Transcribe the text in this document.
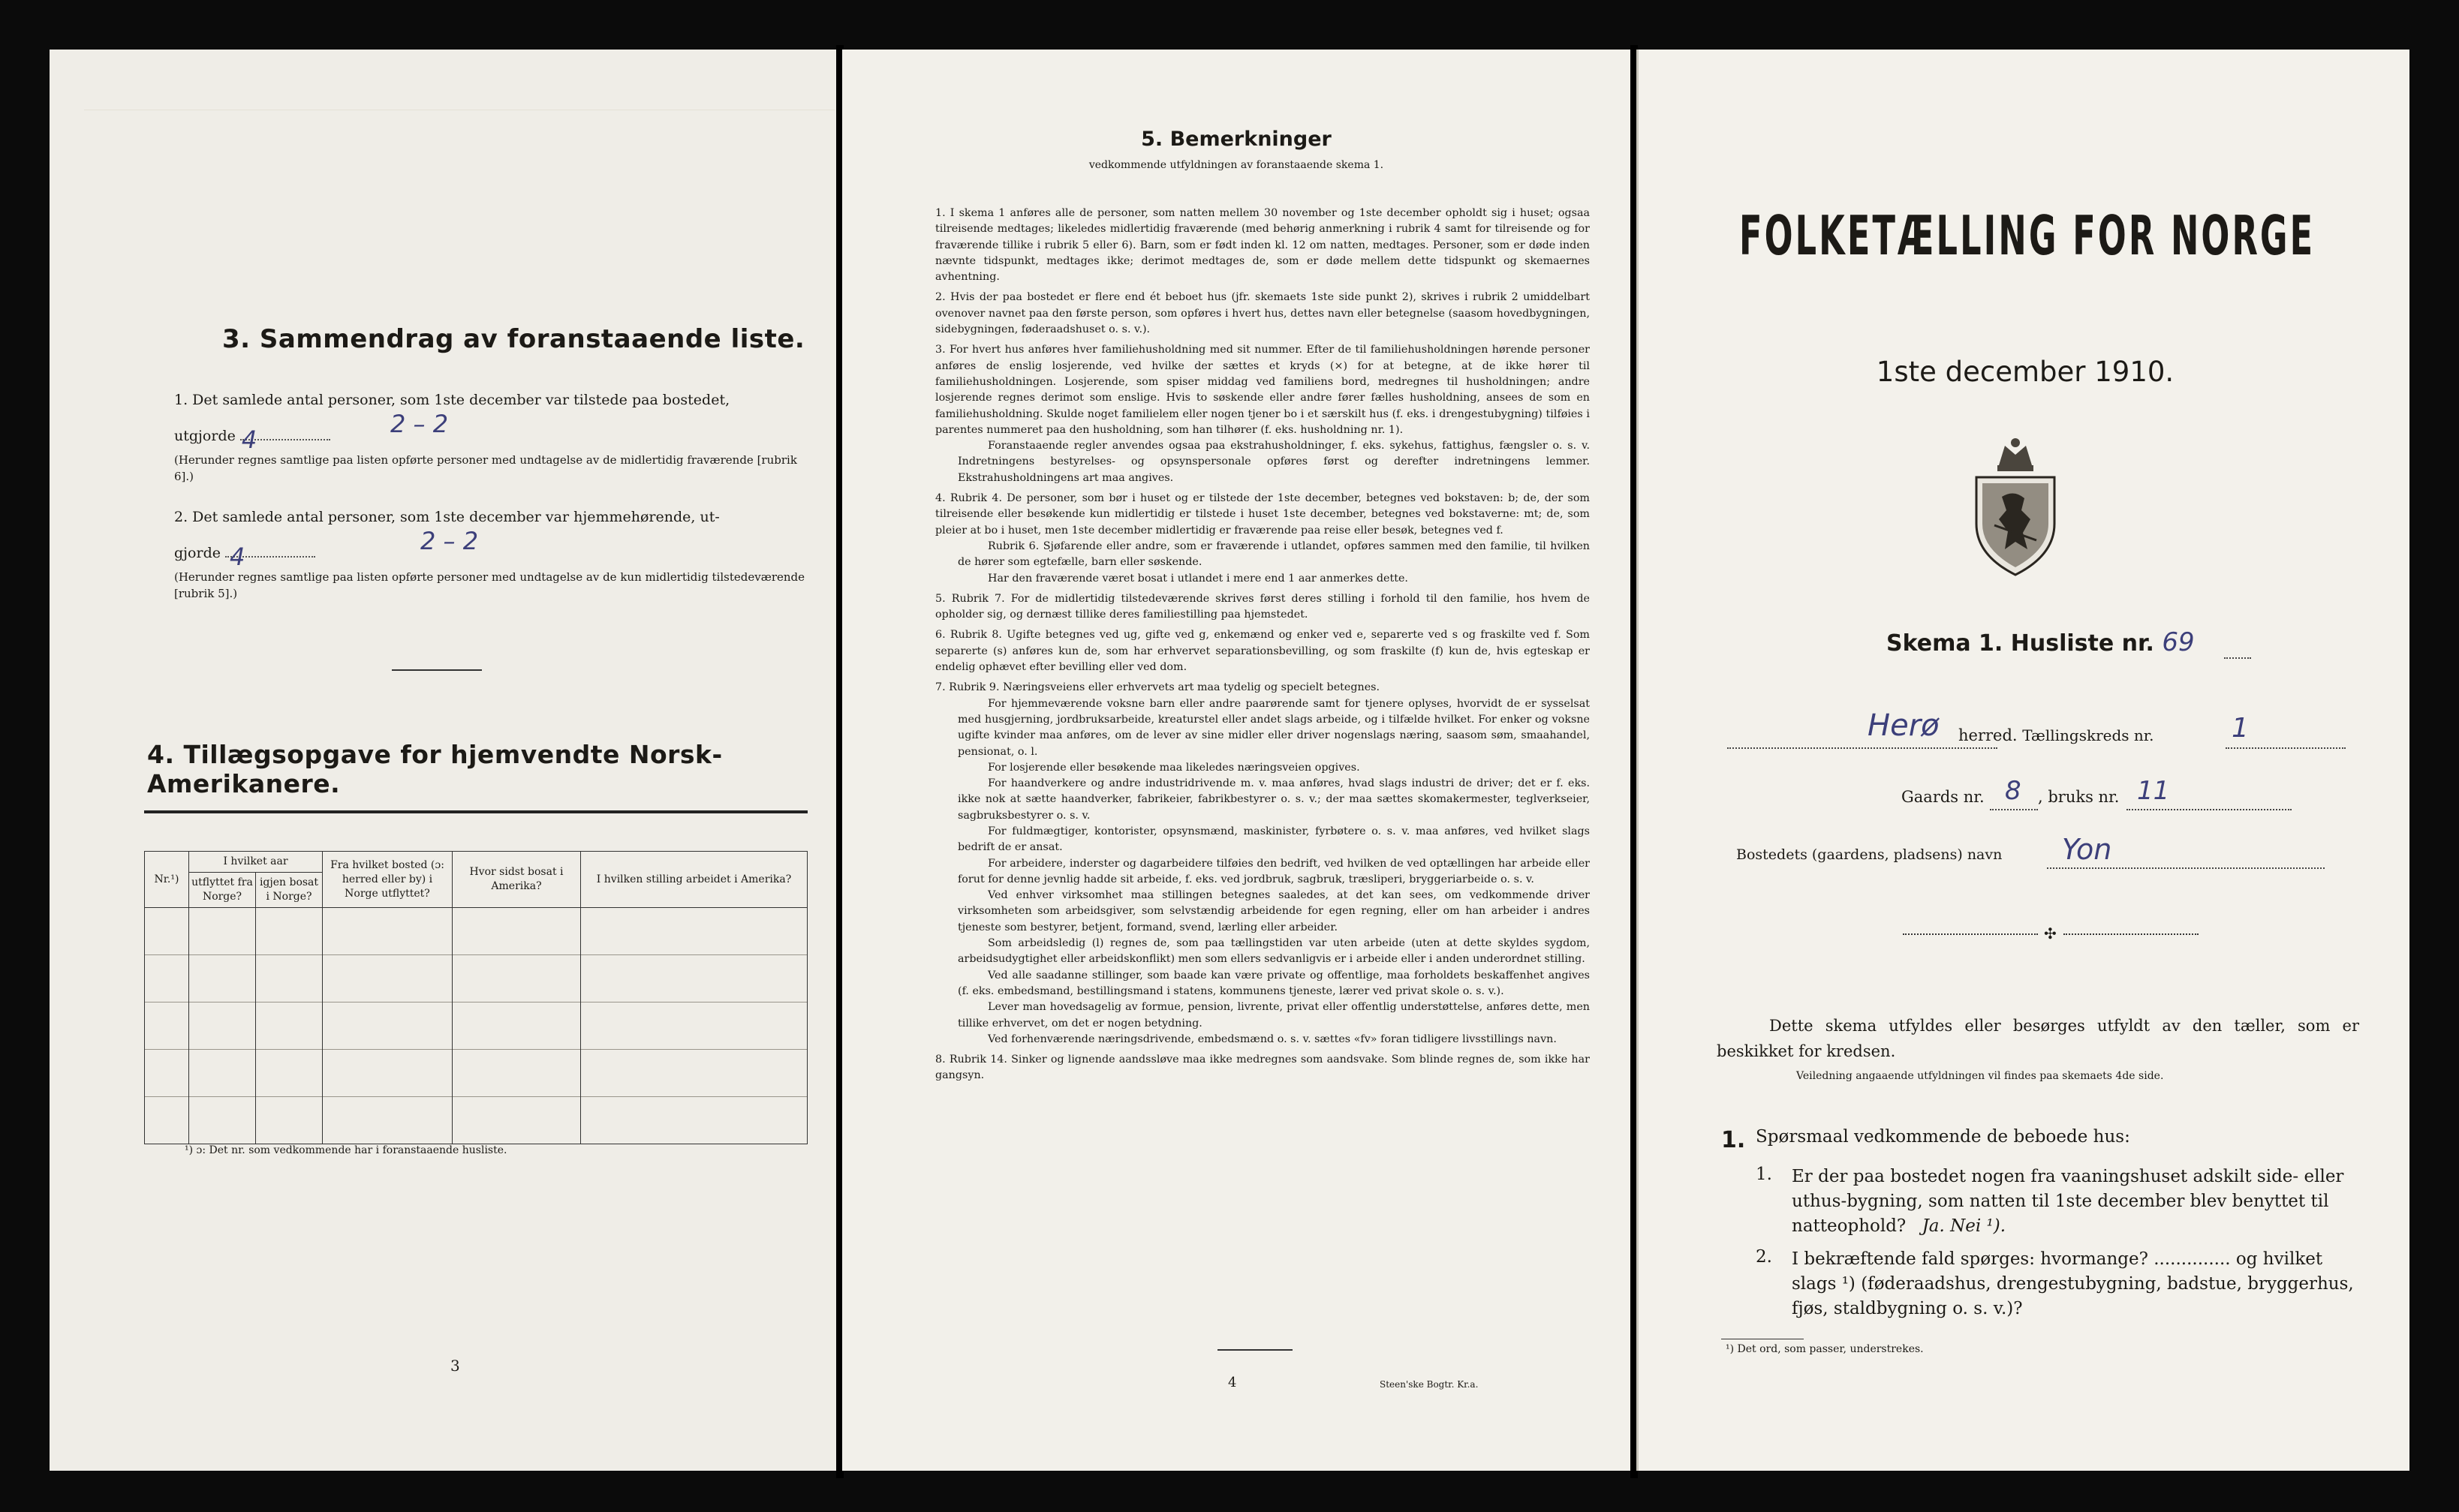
3. Sammendrag av foranstaaende liste.
1. Det samlede antal personer, som 1ste december var tilstede paa bostedet,
utgjorde 4
2 – 2
(Herunder regnes samtlige paa listen opførte personer med undtagelse av de midlertidig fraværende [rubrik 6].)
2. Det samlede antal personer, som 1ste december var hjemmehørende, ut-
gjorde 4
2 – 2
(Herunder regnes samtlige paa listen opførte personer med undtagelse av de kun midlertidig tilstedeværende [rubrik 5].)
4. Tillægsopgave for hjemvendte Norsk-Amerikanere.
Nr.¹)	I hvilket aar		Fra hvilket bosted (ɔ: herred eller by) i Norge utflyttet?	Hvor sidst bosat i Amerika?	I hvilken stilling arbeidet i Amerika?
	utflyttet fra Norge?	igjen bosat i Norge?			

¹) ɔ: Det nr. som vedkommende har i foranstaaende husliste.
3
5. Bemerkninger
vedkommende utfyldningen av foranstaaende skema 1.
1. I skema 1 anføres alle de personer, som natten mellem 30 november og 1ste december opholdt sig i huset; ogsaa tilreisende medtages; likeledes midlertidig fraværende (med behørig anmerkning i rubrik 4 samt for tilreisende og for fraværende tillike i rubrik 5 eller 6). Barn, som er født inden kl. 12 om natten, medtages. Personer, som er døde inden nævnte tidspunkt, medtages ikke; derimot medtages de, som er døde mellem dette tidspunkt og skemaernes avhentning.
2. Hvis der paa bostedet er flere end ét beboet hus (jfr. skemaets 1ste side punkt 2), skrives i rubrik 2 umiddelbart ovenover navnet paa den første person, som opføres i hvert hus, dettes navn eller betegnelse (saasom hovedbygningen, sidebygningen, føderaadshuset o. s. v.).
3. For hvert hus anføres hver familiehusholdning med sit nummer. Efter de til familiehusholdningen hørende personer anføres de enslig losjerende, ved hvilke der sættes et kryds (×) for at betegne, at de ikke hører til familiehusholdningen. Losjerende, som spiser middag ved familiens bord, medregnes til husholdningen; andre losjerende regnes derimot som enslige. Hvis to søskende eller andre fører fælles husholdning, ansees de som en familiehusholdning. Skulde noget familielem eller nogen tjener bo i et særskilt hus (f. eks. i drengestubygning) tilføies i parentes nummeret paa den husholdning, som han tilhører (f. eks. husholdning nr. 1).
Foranstaaende regler anvendes ogsaa paa ekstrahusholdninger, f. eks. sykehus, fattighus, fængsler o. s. v. Indretningens bestyrelses- og opsynspersonale opføres først og derefter indretningens lemmer. Ekstrahusholdningens art maa angives.
4. Rubrik 4. De personer, som bør i huset og er tilstede der 1ste december, betegnes ved bokstaven: b; de, der som tilreisende eller besøkende kun midlertidig er tilstede i huset 1ste december, betegnes ved bokstaverne: mt; de, som pleier at bo i huset, men 1ste december midlertidig er fraværende paa reise eller besøk, betegnes ved f.
Rubrik 6. Sjøfarende eller andre, som er fraværende i utlandet, opføres sammen med den familie, til hvilken de hører som egtefælle, barn eller søskende.
Har den fraværende været bosat i utlandet i mere end 1 aar anmerkes dette.
5. Rubrik 7. For de midlertidig tilstedeværende skrives først deres stilling i forhold til den familie, hos hvem de opholder sig, og dernæst tillike deres familiestilling paa hjemstedet.
6. Rubrik 8. Ugifte betegnes ved ug, gifte ved g, enkemænd og enker ved e, separerte ved s og fraskilte ved f. Som separerte (s) anføres kun de, som har erhvervet separationsbevilling, og som fraskilte (f) kun de, hvis egteskap er endelig ophævet efter bevilling eller ved dom.
7. Rubrik 9. Næringsveiens eller erhvervets art maa tydelig og specielt betegnes.
For hjemmeværende voksne barn eller andre paarørende samt for tjenere oplyses, hvorvidt de er sysselsat med husgjerning, jordbruksarbeide, kreaturstel eller andet slags arbeide, og i tilfælde hvilket. For enker og voksne ugifte kvinder maa anføres, om de lever av sine midler eller driver nogenslags næring, saasom søm, smaahandel, pensionat, o. l.
For losjerende eller besøkende maa likeledes næringsveien opgives.
For haandverkere og andre industridrivende m. v. maa anføres, hvad slags industri de driver; det er f. eks. ikke nok at sætte haandverker, fabrikeier, fabrikbestyrer o. s. v.; der maa sættes skomakermester, teglverkseier, sagbruksbestyrer o. s. v.
For fuldmægtiger, kontorister, opsynsmænd, maskinister, fyrbøtere o. s. v. maa anføres, ved hvilket slags bedrift de er ansat.
For arbeidere, inderster og dagarbeidere tilføies den bedrift, ved hvilken de ved optællingen har arbeide eller forut for denne jevnlig hadde sit arbeide, f. eks. ved jordbruk, sagbruk, træsliperi, bryggeriarbeide o. s. v.
Ved enhver virksomhet maa stillingen betegnes saaledes, at det kan sees, om vedkommende driver virksomheten som arbeidsgiver, som selvstændig arbeidende for egen regning, eller om han arbeider i andres tjeneste som bestyrer, betjent, formand, svend, lærling eller arbeider.
Som arbeidsledig (l) regnes de, som paa tællingstiden var uten arbeide (uten at dette skyldes sygdom, arbeidsudygtighet eller arbeidskonflikt) men som ellers sedvanligvis er i arbeide eller i anden underordnet stilling.
Ved alle saadanne stillinger, som baade kan være private og offentlige, maa forholdets beskaffenhet angives (f. eks. embedsmand, bestillingsmand i statens, kommunens tjeneste, lærer ved privat skole o. s. v.).
Lever man hovedsagelig av formue, pension, livrente, privat eller offentlig understøttelse, anføres dette, men tillike erhvervet, om det er nogen betydning.
Ved forhenværende næringsdrivende, embedsmænd o. s. v. sættes «fv» foran tidligere livsstillings navn.
8. Rubrik 14. Sinker og lignende aandssløve maa ikke medregnes som aandsvake. Som blinde regnes de, som ikke har gangsyn.
4	Steen'ske Bogtr. Kr.a.
FOLKETÆLLING FOR NORGE
1ste december 1910.
Skema 1. Husliste nr. 69
Herø herred. Tællingskreds nr.	1
Gaards nr. 8 , bruks nr. 11
Bostedets (gaardens, pladsens) navn Yon
✣
Dette skema utfyldes eller besørges utfyldt av den tæller, som er beskikket for kredsen.
Veiledning angaaende utfyldningen vil findes paa skemaets 4de side.
1. Spørsmaal vedkommende de beboede hus:
1. Er der paa bostedet nogen fra vaaningshuset adskilt side- eller uthus-bygning, som natten til 1ste december blev benyttet til natteophold? Ja. Nei ¹).
2. I bekræftende fald spørges: hvormange? .............. og hvilket slags ¹) (føderaadshus, drengestubygning, badstue, bryggerhus, fjøs, staldbygning o. s. v.)?
¹) Det ord, som passer, understrekes.
